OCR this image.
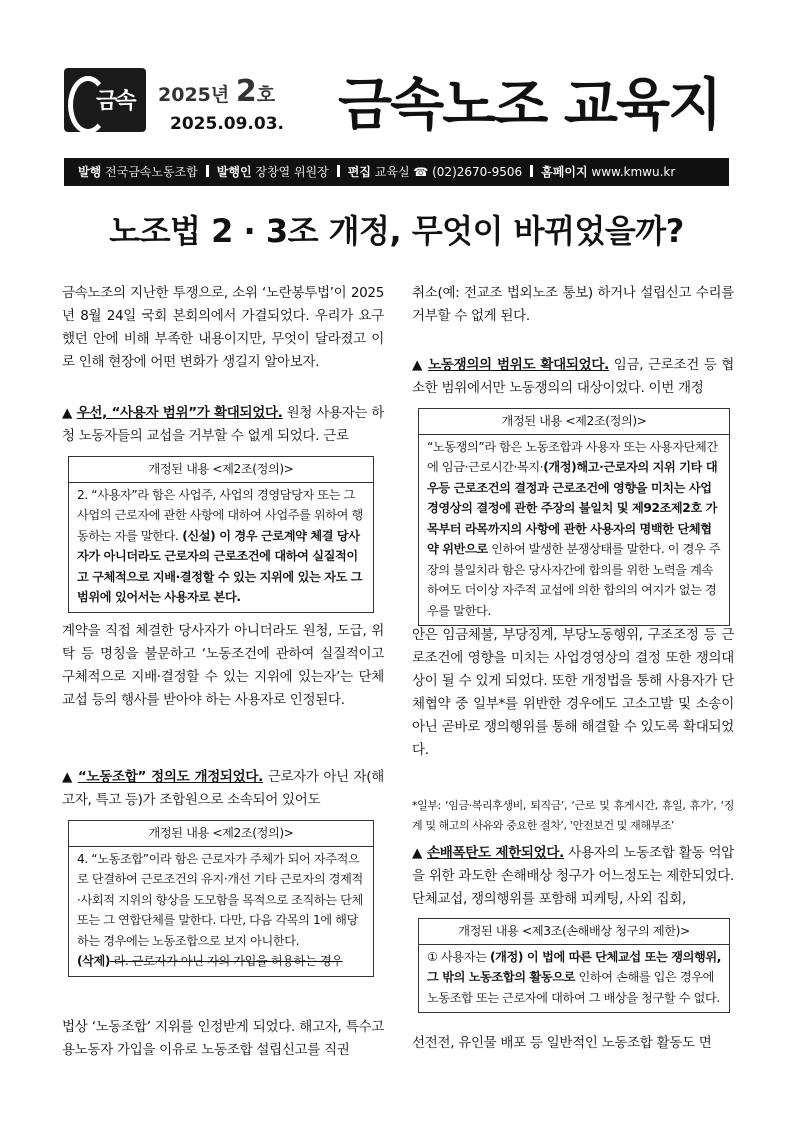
금속 2025년 2호
2025.09.03. 금속노조 교육지
발행 전국금속노동조합 발행인 장창열 위원장 편집 교육실 ☎ (02)2670-9506 홈페이지 www.kmwu.kr
노조법 2 · 3조 개정, 무엇이 바뀌었을까?
금속노조의 지난한 투쟁으로, 소위 ‘노란봉투법’이 2025년 8월 24일 국회 본회의에서 가결되었다. 우리가 요구했던 안에 비해 부족한 내용이지만, 무엇이 달라졌고 이로 인해 현장에 어떤 변화가 생길지 알아보자.
▲ 우선, “사용자 범위”가 확대되었다. 원청 사용자는 하청 노동자들의 교섭을 거부할 수 없게 되었다. 근로
개정된 내용 <제2조(정의)>
2. “사용자”라 함은 사업주, 사업의 경영담당자 또는 그 사업의 근로자에 관한 사항에 대하여 사업주를 위하여 행동하는 자를 말한다. (신설) 이 경우 근로계약 체결 당사자가 아니더라도 근로자의 근로조건에 대하여 실질적이고 구체적으로 지배·결정할 수 있는 지위에 있는 자도 그 범위에 있어서는 사용자로 본다.
계약을 직접 체결한 당사자가 아니더라도 원청, 도급, 위탁 등 명칭을 불문하고 ‘노동조건에 관하여 실질적이고 구체적으로 지배·결정할 수 있는 지위에 있는자’는 단체교섭 등의 행사를 받아야 하는 사용자로 인정된다.
▲ “노동조합” 정의도 개정되었다. 근로자가 아닌 자(해고자, 특고 등)가 조합원으로 소속되어 있어도
개정된 내용 <제2조(정의)>
4. “노동조합”이라 함은 근로자가 주체가 되어 자주적으로 단결하여 근로조건의 유지·개선 기타 근로자의 경제적·사회적 지위의 향상을 도모함을 목적으로 조직하는 단체 또는 그 연합단체를 말한다. 다만, 다음 각목의 1에 해당하는 경우에는 노동조합으로 보지 아니한다.
(삭제) 라. 근로자가 아닌 자의 가입을 허용하는 경우
법상 ‘노동조합’ 지위를 인정받게 되었다. 해고자, 특수고용노동자 가입을 이유로 노동조합 설립신고를 직권
취소(예: 전교조 법외노조 통보) 하거나 설립신고 수리를 거부할 수 없게 된다.
▲ 노동쟁의의 범위도 확대되었다. 임금, 근로조건 등 협소한 범위에서만 노동쟁의의 대상이었다. 이번 개정
개정된 내용 <제2조(정의)>
“노동쟁의”라 함은 노동조합과 사용자 또는 사용자단체간에 임금·근로시간·복지·(개정)해고·근로자의 지위 기타 대우등 근로조건의 결정과 근로조건에 영향을 미치는 사업경영상의 결정에 관한 주장의 불일치 및 제92조제2호 가목부터 라목까지의 사항에 관한 사용자의 명백한 단체협약 위반으로 인하여 발생한 분쟁상태를 말한다. 이 경우 주장의 불일치라 함은 당사자간에 합의를 위한 노력을 계속하여도 더이상 자주적 교섭에 의한 합의의 여지가 없는 경우를 말한다.
안은 임금체불, 부당징계, 부당노동행위, 구조조정 등 근로조건에 영향을 미치는 사업경영상의 결정 또한 쟁의대상이 될 수 있게 되었다. 또한 개정법을 통해 사용자가 단체협약 중 일부*를 위반한 경우에도 고소고발 및 소송이 아닌 곧바로 쟁의행위를 통해 해결할 수 있도록 확대되었다.
*일부: ‘임금·복리후생비, 퇴직금’, ‘근로 및 휴게시간, 휴일, 휴가’, ‘징계 및 해고의 사유와 중요한 절차’, ‘안전보건 및 재해부조’
▲ 손배폭탄도 제한되었다. 사용자의 노동조합 활동 억압을 위한 과도한 손해배상 청구가 어느정도는 제한되었다. 단체교섭, 쟁의행위를 포함해 피케팅, 사외 집회,
개정된 내용 <제3조(손해배상 청구의 제한)>
① 사용자는 (개정) 이 법에 따른 단체교섭 또는 쟁의행위, 그 밖의 노동조합의 활동으로 인하여 손해를 입은 경우에 노동조합 또는 근로자에 대하여 그 배상을 청구할 수 없다.
선전전, 유인물 배포 등 일반적인 노동조합 활동도 면
